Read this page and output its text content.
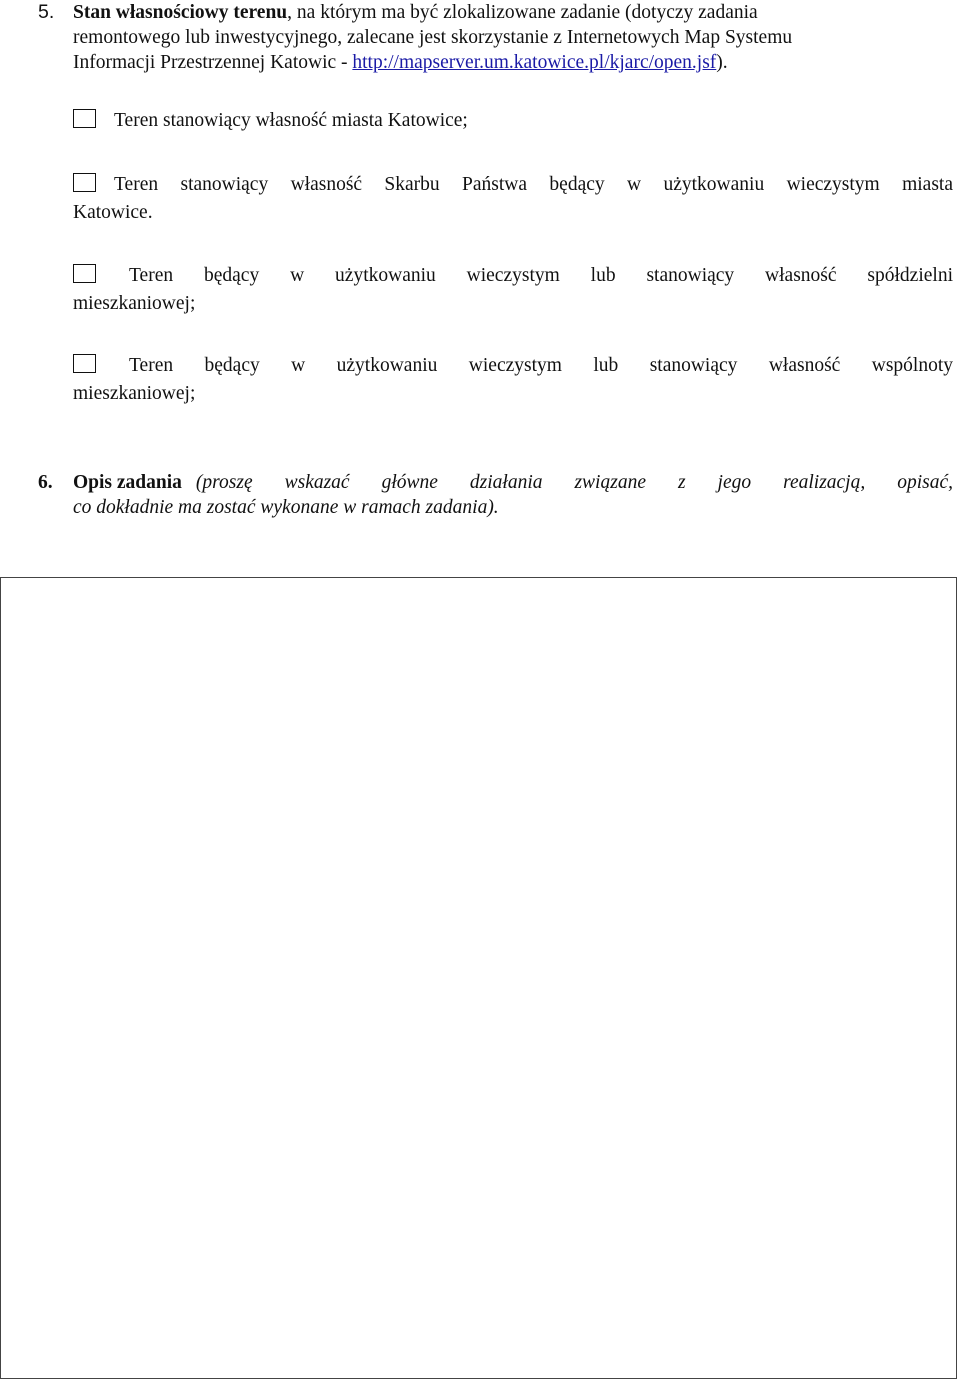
5. Stan własnościowy terenu, na którym ma być zlokalizowane zadanie (dotyczy zadania
remontowego lub inwestycyjnego, zalecane jest skorzystanie z Internetowych Map Systemu
Informacji Przestrzennej Katowic - http://mapserver.um.katowice.pl/kjarc/open.jsf).
Teren stanowiący własność miasta Katowice;
Teren stanowiący własność Skarbu Państwa będący w użytkowaniu wieczystym miasta
Katowice.
Teren będący w użytkowaniu wieczystym lub stanowiący własność spółdzielni
mieszkaniowej;
Teren będący w użytkowaniu wieczystym lub stanowiący własność wspólnoty
mieszkaniowej;
6. Opis zadania (proszę wskazać główne działania związane z jego realizacją, opisać,
co dokładnie ma zostać wykonane w ramach zadania).
